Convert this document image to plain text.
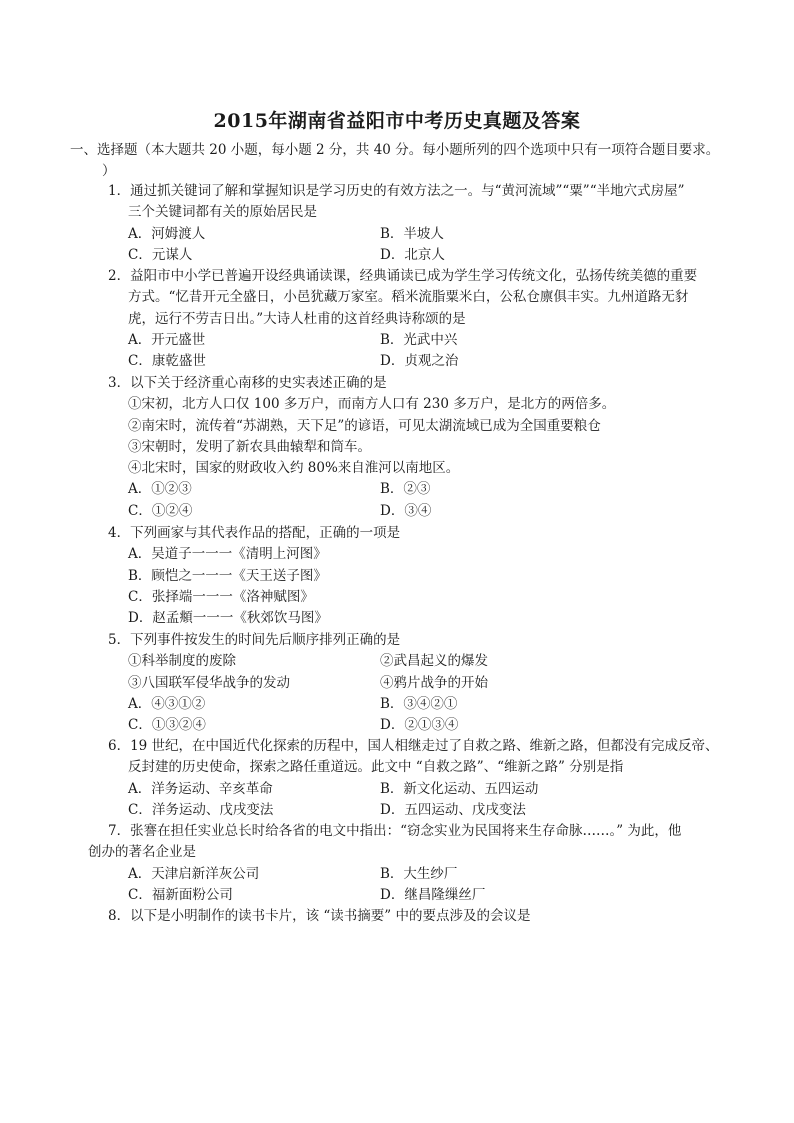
2015年湖南省益阳市中考历史真题及答案
一、选择题（本大题共 20 小题，每小题 2 分，共 40 分。每小题所列的四个选项中只有一项符合题目要求。
）
1．通过抓关键词了解和掌握知识是学习历史的有效方法之一。与“黄河流域”“粟”“半地穴式房屋”
三个关键词都有关的原始居民是
A．河姆渡人	B．半坡人
C．元谋人	D．北京人
2．益阳市中小学已普遍开设经典诵读课，经典诵读已成为学生学习传统文化，弘扬传统美德的重要
方式。“忆昔开元全盛日，小邑犹藏万家室。稻米流脂粟米白，公私仓廪俱丰实。九州道路无豺
虎，远行不劳吉日出。”大诗人杜甫的这首经典诗称颂的是
A．开元盛世	B．光武中兴
C．康乾盛世	D．贞观之治
3．以下关于经济重心南移的史实表述正确的是
①宋初，北方人口仅 100 多万户，而南方人口有 230 多万户，是北方的两倍多。
②南宋时，流传着“苏湖熟，天下足”的谚语，可见太湖流域已成为全国重要粮仓
③宋朝时，发明了新农具曲辕犁和筒车。
④北宋时，国家的财政收入约 80%来自淮河以南地区。
A．①②③	B．②③
C．①②④	D．③④
4．下列画家与其代表作品的搭配，正确的一项是
A．吴道子一一一《清明上河图》
B．顾恺之一一一《天王送子图》
C．张择端一一一《洛神赋图》
D．赵孟頫一一一《秋郊饮马图》
5．下列事件按发生的时间先后顺序排列正确的是
①科举制度的废除	②武昌起义的爆发
③八国联军侵华战争的发动	④鸦片战争的开始
A．④③①②	B．③④②①
C．①③②④	D．②①③④
6．19 世纪，在中国近代化探索的历程中，国人相继走过了自救之路、维新之路，但都没有完成反帝、
反封建的历史使命，探索之路任重道远。此文中 “自救之路”、“维新之路” 分别是指
A．洋务运动、辛亥革命	B．新文化运动、五四运动
C．洋务运动、戊戌变法	D．五四运动、戊戌变法
7．张謇在担任实业总长时给各省的电文中指出：“窃念实业为民国将来生存命脉……。” 为此，他
创办的著名企业是
A．天津启新洋灰公司	B．大生纱厂
C．福新面粉公司	D．继昌隆缫丝厂
8．以下是小明制作的读书卡片，该 “读书摘要” 中的要点涉及的会议是
